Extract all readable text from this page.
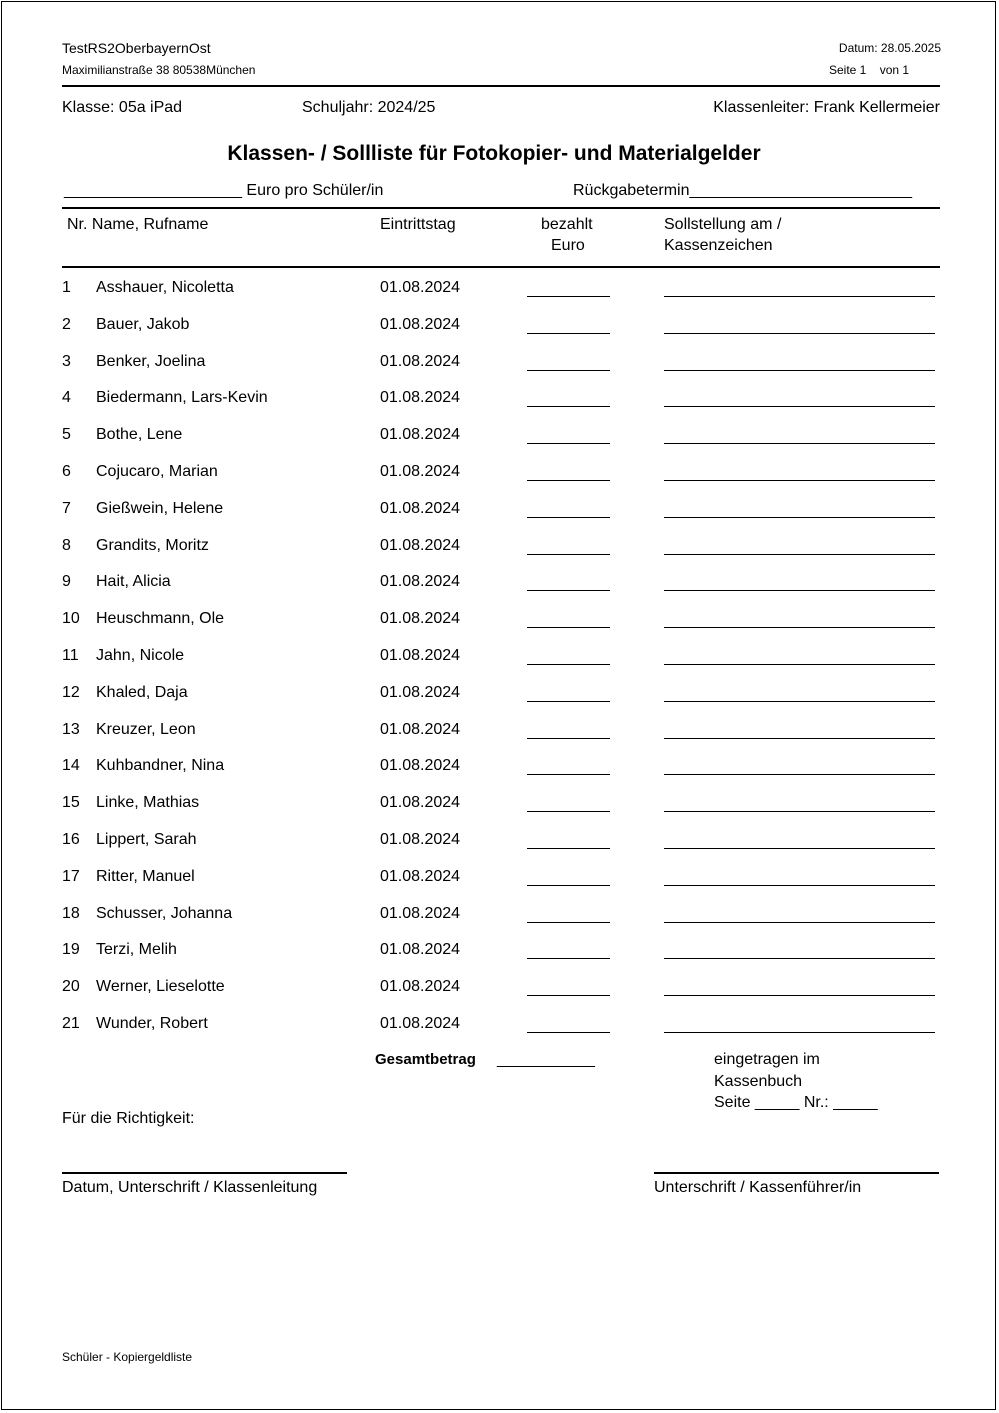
TestRS2OberbayernOst
Maximilianstraße 38 80538München
Datum: 28.05.2025
Seite 1    von 1
Klasse: 05a iPad	Schuljahr: 2024/25	Klassenleiter: Frank Kellermeier
Klassen- / Sollliste für Fotokopier- und Materialgelder
____________________ Euro pro Schüler/in	Rückgabetermin_________________________
Nr. Name, Rufname	Eintrittstag	bezahlt
Euro
Sollstellung am /
Kassenzeichen
1 Asshauer, Nicoletta	01.08.2024
2 Bauer, Jakob	01.08.2024
3 Benker, Joelina	01.08.2024
4 Biedermann, Lars-Kevin	01.08.2024
5 Bothe, Lene	01.08.2024
6 Cojucaro, Marian	01.08.2024
7 Gießwein, Helene	01.08.2024
8 Grandits, Moritz	01.08.2024
9 Hait, Alicia	01.08.2024
10 Heuschmann, Ole	01.08.2024
11 Jahn, Nicole	01.08.2024
12 Khaled, Daja	01.08.2024
13 Kreuzer, Leon	01.08.2024
14 Kuhbandner, Nina	01.08.2024
15 Linke, Mathias	01.08.2024
16 Lippert, Sarah	01.08.2024
17 Ritter, Manuel	01.08.2024
18 Schusser, Johanna	01.08.2024
19 Terzi, Melih	01.08.2024
20 Werner, Lieselotte	01.08.2024
21 Wunder, Robert	01.08.2024
Gesamtbetrag ___________	eingetragen im
Kassenbuch
Seite _____ Nr.: _____
Für die Richtigkeit:
Datum, Unterschrift / Klassenleitung	Unterschrift / Kassenführer/in
Schüler - Kopiergeldliste
